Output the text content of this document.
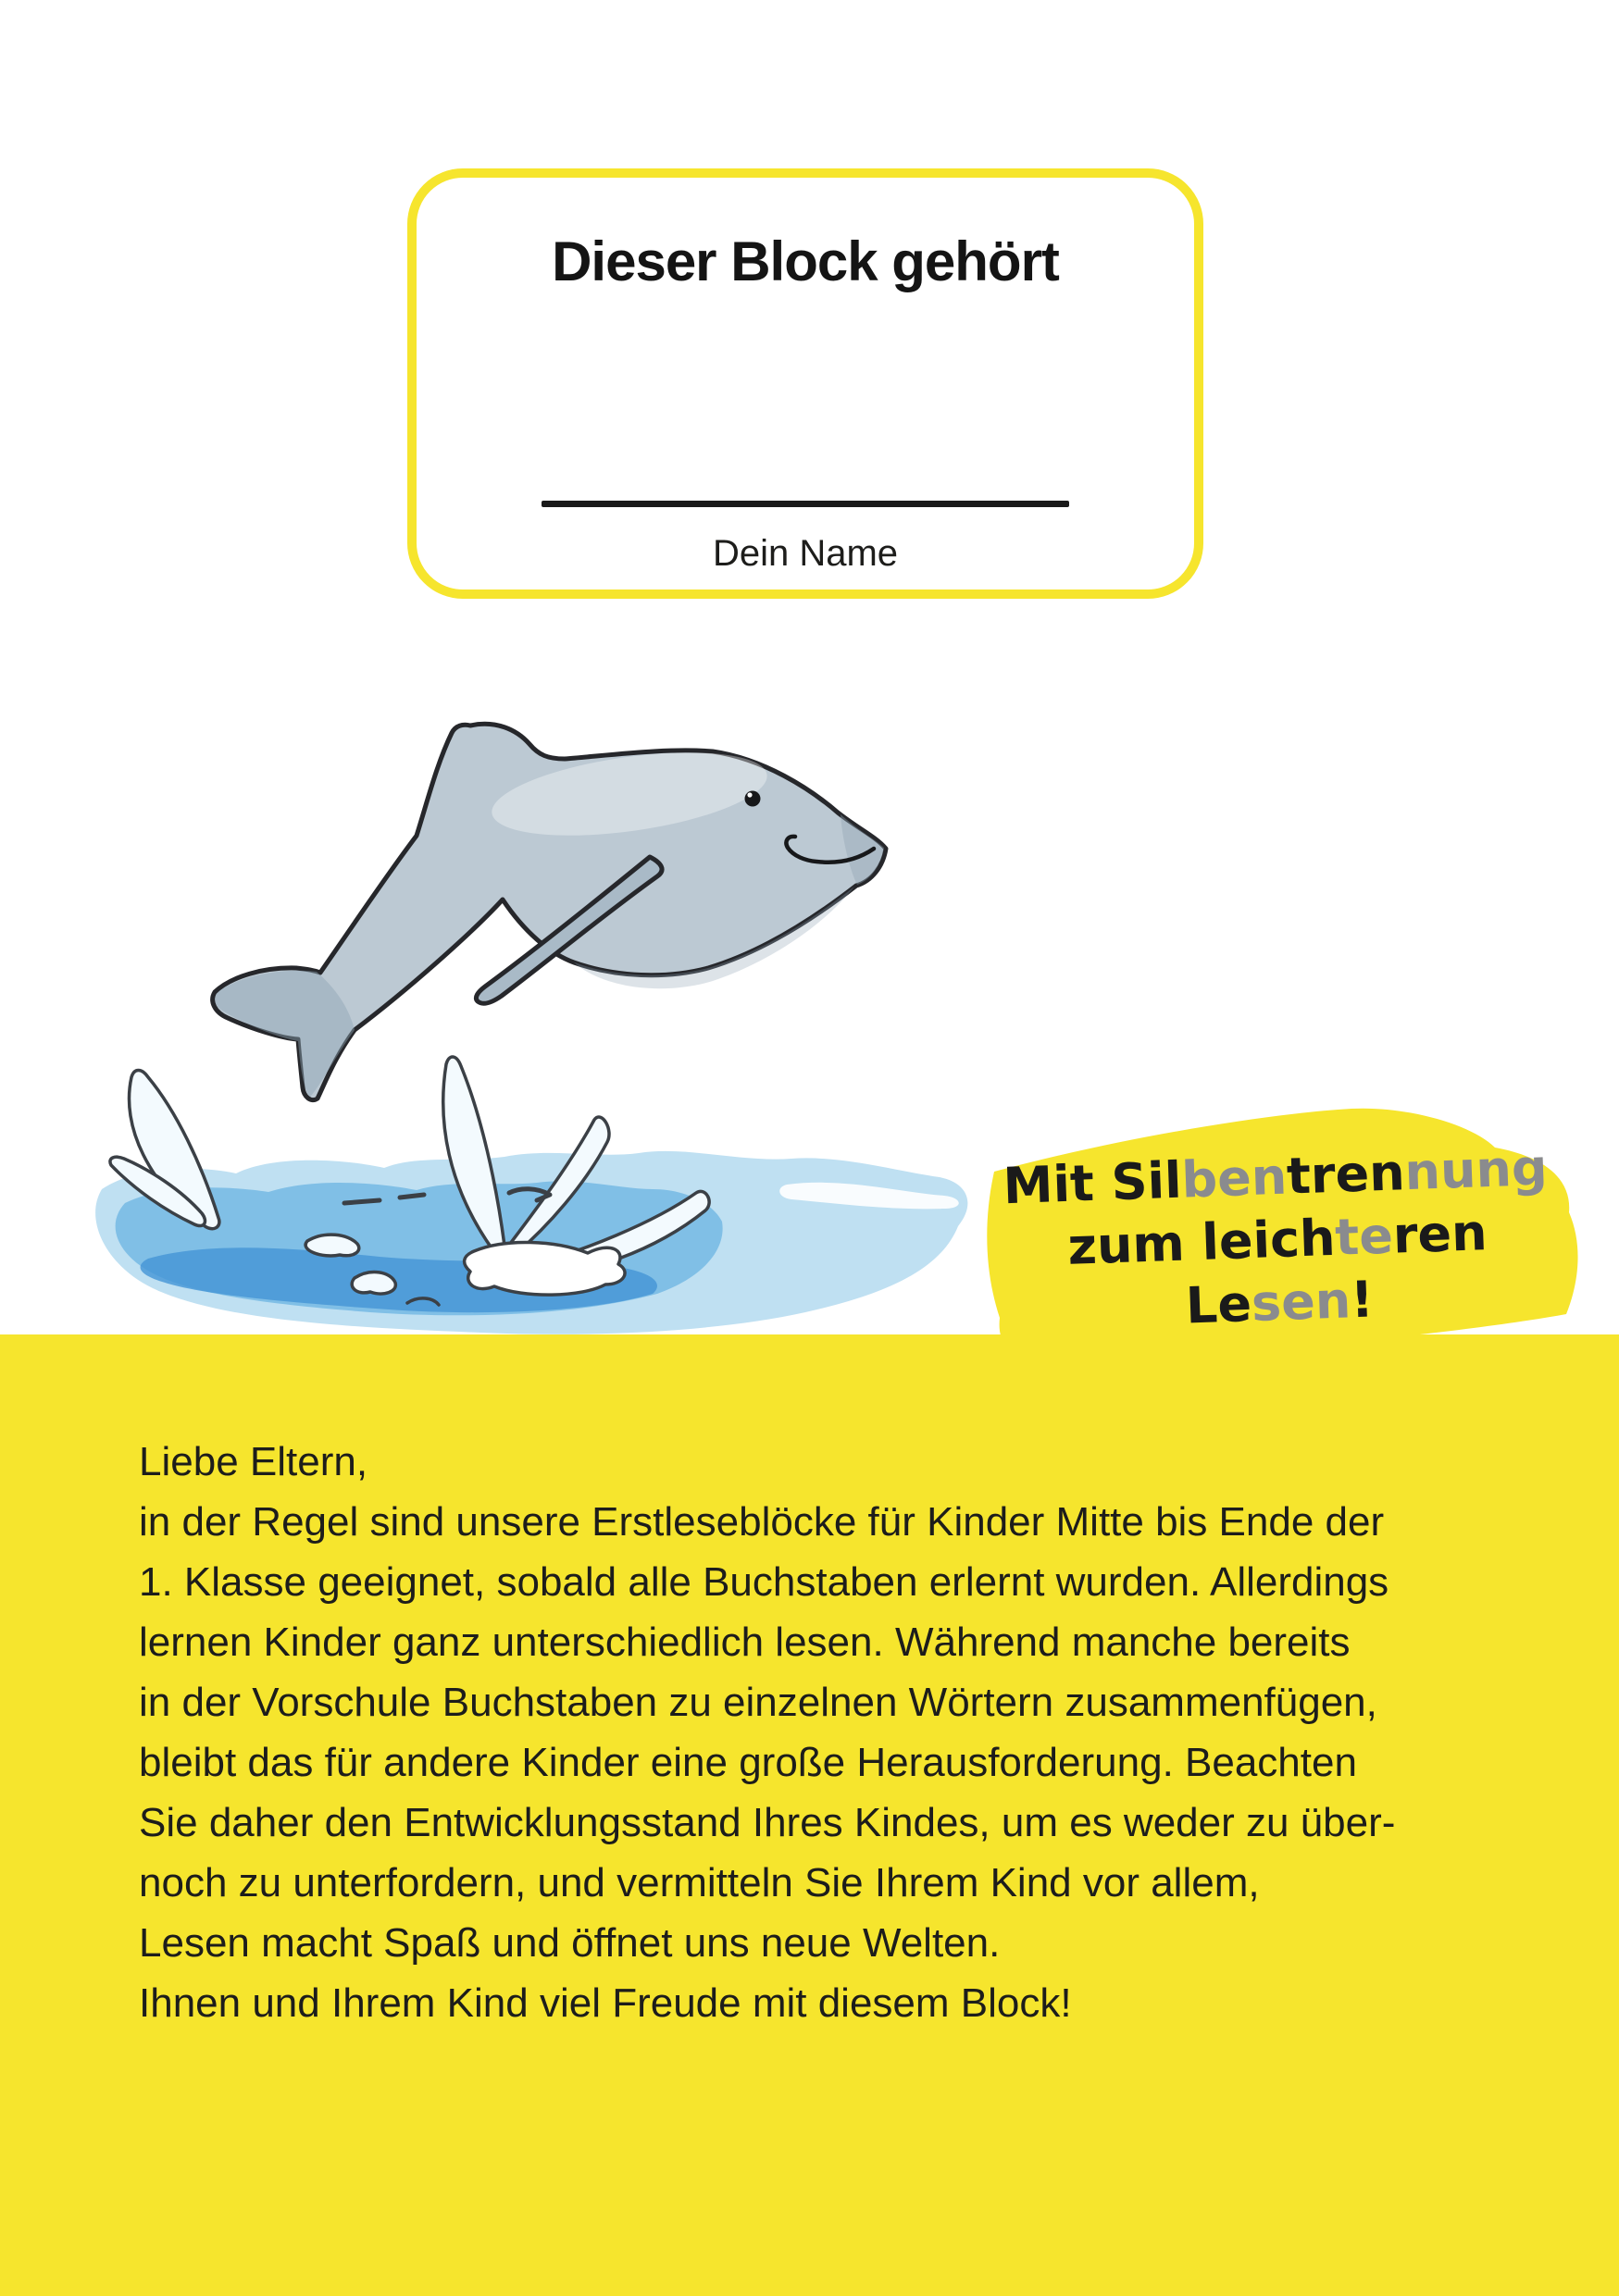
Dieser Block gehört
Dein Name
Mit Silbentrennung
zum leichteren
Lesen!
Liebe Eltern,
in der Regel sind unsere Erstleseblöcke für Kinder Mitte bis Ende der
1. Klasse geeignet, sobald alle Buchstaben erlernt wurden. Allerdings
lernen Kinder ganz unterschiedlich lesen. Während manche bereits
in der Vorschule Buchstaben zu einzelnen Wörtern zusammenfügen,
bleibt das für andere Kinder eine große Herausforderung. Beachten
Sie daher den Entwicklungsstand Ihres Kindes, um es weder zu über-
noch zu unterfordern, und vermitteln Sie Ihrem Kind vor allem,
Lesen macht Spaß und öffnet uns neue Welten.
Ihnen und Ihrem Kind viel Freude mit diesem Block!
